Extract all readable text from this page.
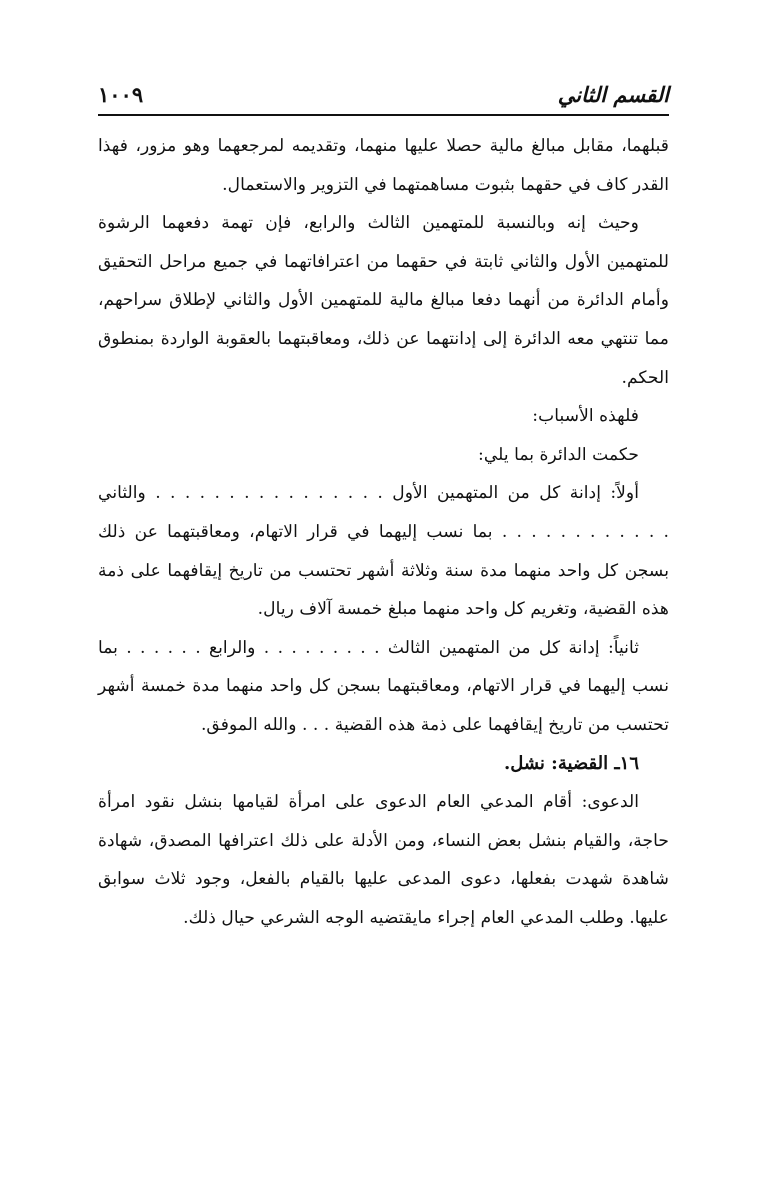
القسم الثاني
١٠٠٩

قبلهما، مقابل مبالغ مالية حصلا عليها منهما، وتقديمه لمرجعهما وهو مزور، فهذا القدر كاف في حقهما بثبوت مساهمتهما في التزوير والاستعمال.

وحيث إنه وبالنسبة للمتهمين الثالث والرابع، فإن تهمة دفعهما الرشوة للمتهمين الأول والثاني ثابتة في حقهما من اعترافاتهما في جميع مراحل التحقيق وأمام الدائرة من أنهما دفعا مبالغ مالية للمتهمين الأول والثاني لإطلاق سراحهم، مما تنتهي معه الدائرة إلى إدانتهما عن ذلك، ومعاقبتهما بالعقوبة الواردة بمنطوق الحكم.

فلهذه الأسباب:

حكمت الدائرة بما يلي:

أولاً: إدانة كل من المتهمين الأول . . . . . . . . . . . . . . . . والثاني

. . . . . . . . . . . . بما نسب إليهما في قرار الاتهام، ومعاقبتهما عن ذلك

بسجن كل واحد منهما مدة سنة وثلاثة أشهر تحتسب من تاريخ إيقافهما على ذمة هذه القضية، وتغريم كل واحد منهما مبلغ خمسة آلاف ريال.

ثانياً: إدانة كل من المتهمين الثالث . . . . . . . . . والرابع . . . . . . بما

نسب إليهما في قرار الاتهام، ومعاقبتهما بسجن كل واحد منهما مدة خمسة أشهر تحتسب من تاريخ إيقافهما على ذمة هذه القضية . . . والله الموفق.

١٦ـ القضية: نشل.

الدعوى: أقام المدعي العام الدعوى على امرأة لقيامها بنشل نقود امرأة حاجة، والقيام بنشل بعض النساء، ومن الأدلة على ذلك اعترافها المصدق، شهادة شاهدة شهدت بفعلها، دعوى المدعى عليها بالقيام بالفعل، وجود ثلاث سوابق عليها. وطلب المدعي العام إجراء مايقتضيه الوجه الشرعي حيال ذلك.
